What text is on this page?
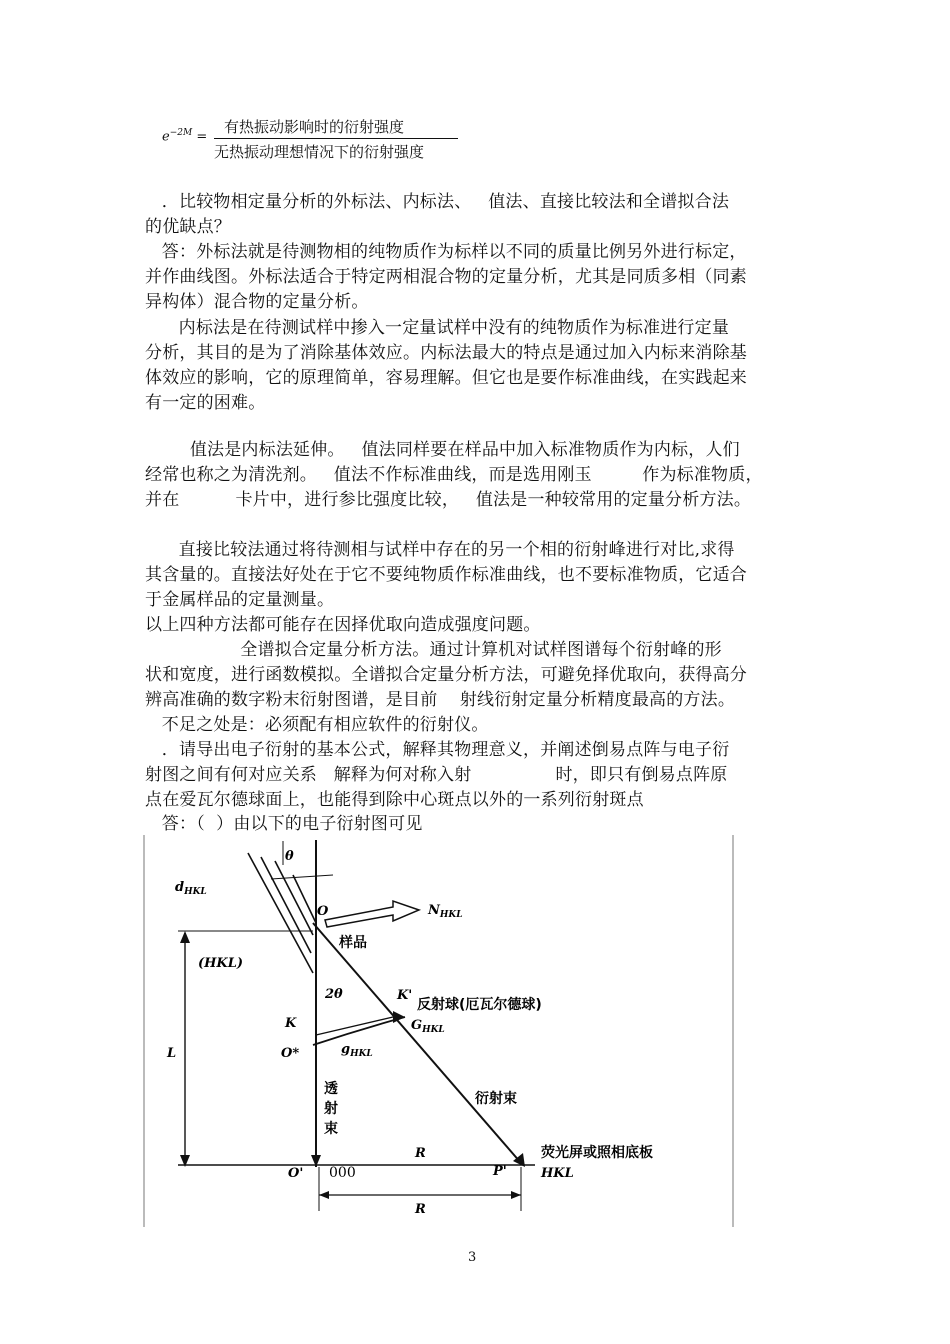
$e^{-2M}$ =
有热振动影响时的衍射强度
无热振动理想情况下的衍射强度
．比较物相定量分析的外标法、内标法、   值法、直接比较法和全谱拟合法
的优缺点？
答：外标法就是待测物相的纯物质作为标样以不同的质量比例另外进行标定，
并作曲线图。外标法适合于特定两相混合物的定量分析，尤其是同质多相（同素
异构体）混合物的定量分析。
内标法是在待测试样中掺入一定量试样中没有的纯物质作为标准进行定量
分析，其目的是为了消除基体效应。内标法最大的特点是通过加入内标来消除基
体效应的影响，它的原理简单，容易理解。但它也是要作标准曲线，在实践起来
有一定的困难。
值法是内标法延伸。   值法同样要在样品中加入标准物质作为内标，人们
经常也称之为清洗剂。   值法不作标准曲线，而是选用刚玉         作为标准物质，
并在          卡片中，进行参比强度比较，   值法是一种较常用的定量分析方法。
直接比较法通过将待测相与试样中存在的另一个相的衍射峰进行对比,求得
其含量的。直接法好处在于它不要纯物质作标准曲线，也不要标准物质，它适合
于金属样品的定量测量。
以上四种方法都可能存在因择优取向造成强度问题。
全谱拟合定量分析方法。通过计算机对试样图谱每个衍射峰的形
状和宽度，进行函数模拟。全谱拟合定量分析方法，可避免择优取向，获得高分
辨高准确的数字粉末衍射图谱，是目前    射线衍射定量分析精度最高的方法。
不足之处是：必须配有相应软件的衍射仪。
．请导出电子衍射的基本公式，解释其物理意义，并阐述倒易点阵与电子衍
射图之间有何对应关系   解释为何对称入射               时，即只有倒易点阵原
点在爱瓦尔德球面上，也能得到除中心斑点以外的一系列衍射斑点
答：（  ）由以下的电子衍射图可见
θ
$d_{HKL}$
O	$N_{HKL}$
样品
(HKL)
2θ	K'
反射球(厄瓦尔德球)
$G_{HKL}$
K
O*	$g_{HKL}$
L
透
射
束
衍射束
R	荧光屏或照相底板
O' 000	P'	HKL
R
3
